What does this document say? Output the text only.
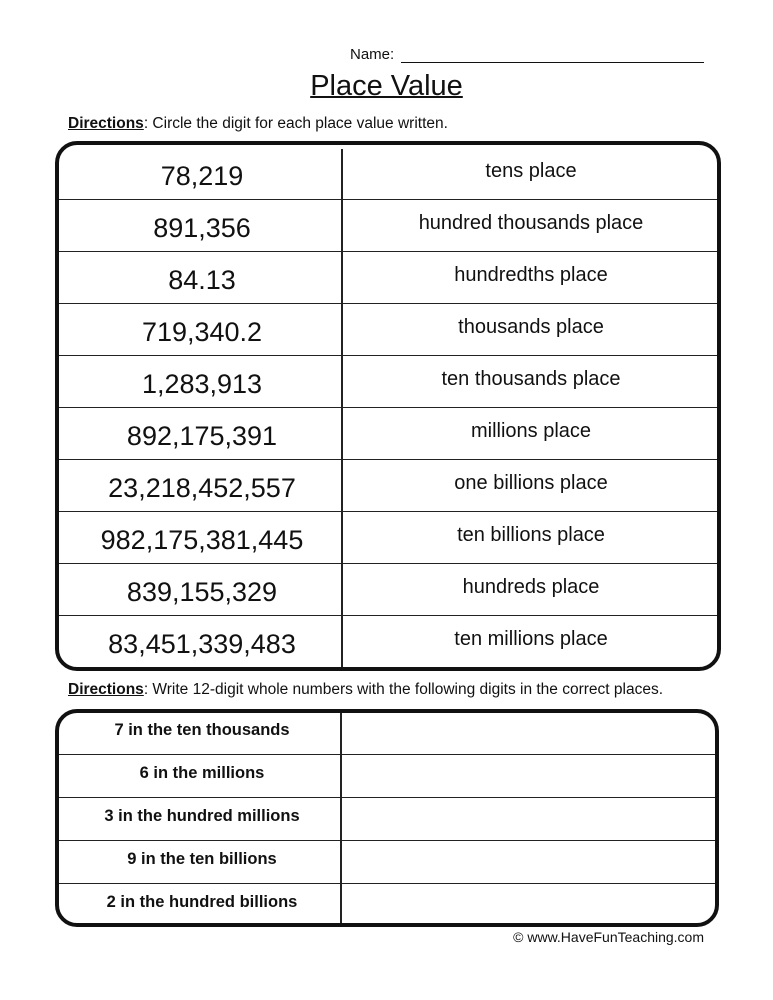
Name:
Place Value
Directions: Circle the digit for each place value written.
78,219	tens place
891,356	hundred thousands place
84.13	hundredths place
719,340.2	thousands place
1,283,913	ten thousands place
892,175,391	millions place
23,218,452,557	one billions place
982,175,381,445	ten billions place
839,155,329	hundreds place
83,451,339,483	ten millions place
Directions: Write 12-digit whole numbers with the following digits in the correct places.
7 in the ten thousands
6 in the millions
3 in the hundred millions
9 in the ten billions
2 in the hundred billions
© www.HaveFunTeaching.com
